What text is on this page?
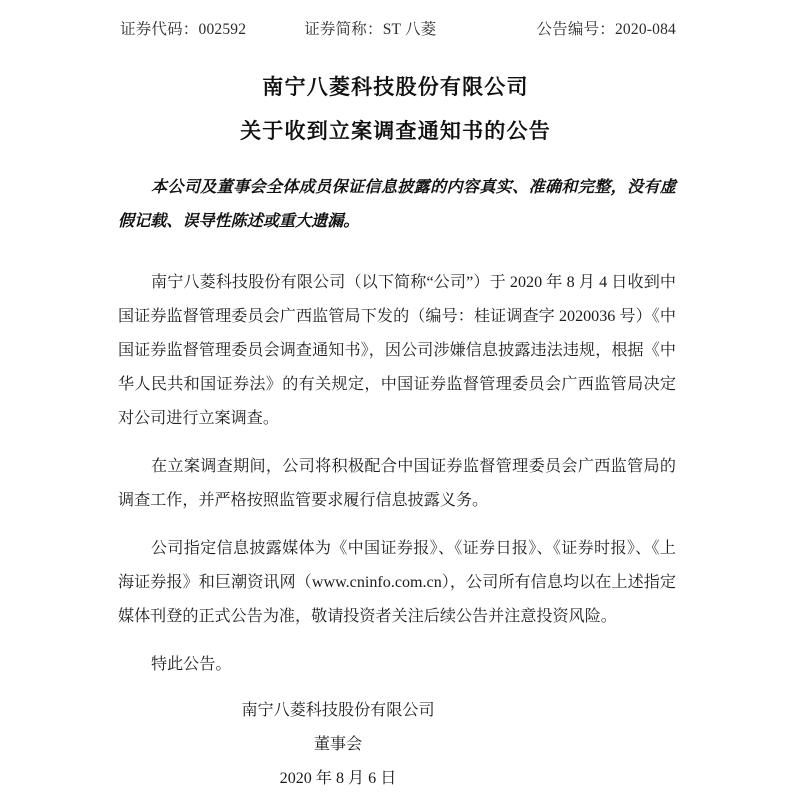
证券代码：002592	证券简称：ST 八菱	公告编号：2020-084
南宁八菱科技股份有限公司
关于收到立案调查通知书的公告
本公司及董事会全体成员保证信息披露的内容真实、准确和完整，没有虚假记载、误导性陈述或重大遗漏。

南宁八菱科技股份有限公司（以下简称“公司”）于 2020 年 8 月 4 日收到中国证券监督管理委员会广西监管局下发的（编号：桂证调查字 2020036 号）《中国证券监督管理委员会调查通知书》，因公司涉嫌信息披露违法违规，根据《中华人民共和国证券法》的有关规定，中国证券监督管理委员会广西监管局决定对公司进行立案调查。

在立案调查期间，公司将积极配合中国证券监督管理委员会广西监管局的调查工作，并严格按照监管要求履行信息披露义务。

公司指定信息披露媒体为《中国证券报》、《证券日报》、《证券时报》、《上海证券报》和巨潮资讯网（www.cninfo.com.cn），公司所有信息均以在上述指定媒体刊登的正式公告为准，敬请投资者关注后续公告并注意投资风险。

特此公告。

南宁八菱科技股份有限公司
董事会
2020 年 8 月 6 日
